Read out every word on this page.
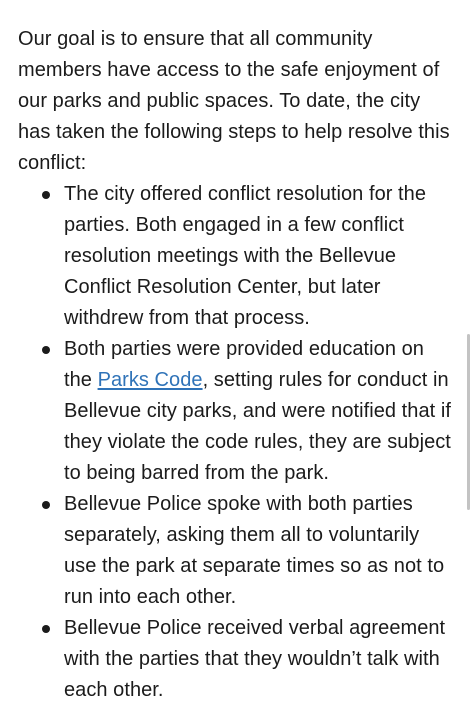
Our goal is to ensure that all community members have access to the safe enjoyment of our parks and public spaces. To date, the city has taken the following steps to help resolve this conflict:

The city offered conflict resolution for the parties. Both engaged in a few conflict resolution meetings with the Bellevue Conflict Resolution Center, but later withdrew from that process.
Both parties were provided education on the Parks Code, setting rules for conduct in Bellevue city parks, and were notified that if they violate the code rules, they are subject to being barred from the park.
Bellevue Police spoke with both parties separately, asking them all to voluntarily use the park at separate times so as not to run into each other.
Bellevue Police received verbal agreement with the parties that they wouldn’t talk with each other.
